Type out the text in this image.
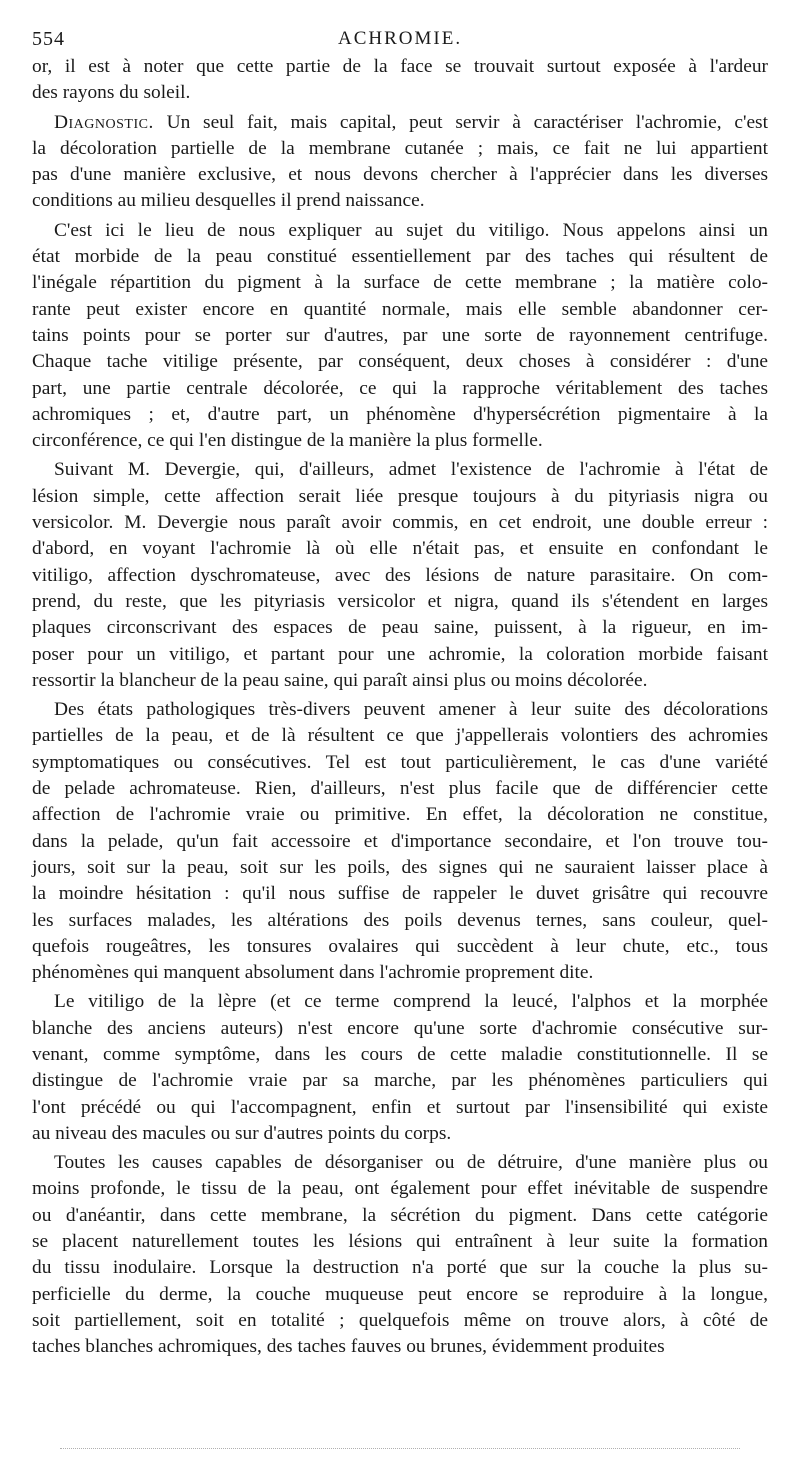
554	ACHROMIE.
or, il est à noter que cette partie de la face se trouvait surtout exposée à l'ardeur
des rayons du soleil.
Diagnostic. Un seul fait, mais capital, peut servir à caractériser l'achromie, c'est
la décoloration partielle de la membrane cutanée ; mais, ce fait ne lui appartient
pas d'une manière exclusive, et nous devons chercher à l'apprécier dans les diverses
conditions au milieu desquelles il prend naissance.
C'est ici le lieu de nous expliquer au sujet du vitiligo. Nous appelons ainsi un
état morbide de la peau constitué essentiellement par des taches qui résultent de
l'inégale répartition du pigment à la surface de cette membrane ; la matière colo-
rante peut exister encore en quantité normale, mais elle semble abandonner cer-
tains points pour se porter sur d'autres, par une sorte de rayonnement centrifuge.
Chaque tache vitilige présente, par conséquent, deux choses à considérer : d'une
part, une partie centrale décolorée, ce qui la rapproche véritablement des taches
achromiques ; et, d'autre part, un phénomène d'hypersécrétion pigmentaire à la
circonférence, ce qui l'en distingue de la manière la plus formelle.
Suivant M. Devergie, qui, d'ailleurs, admet l'existence de l'achromie à l'état de
lésion simple, cette affection serait liée presque toujours à du pityriasis nigra ou
versicolor. M. Devergie nous paraît avoir commis, en cet endroit, une double erreur :
d'abord, en voyant l'achromie là où elle n'était pas, et ensuite en confondant le
vitiligo, affection dyschromateuse, avec des lésions de nature parasitaire. On com-
prend, du reste, que les pityriasis versicolor et nigra, quand ils s'étendent en larges
plaques circonscrivant des espaces de peau saine, puissent, à la rigueur, en im-
poser pour un vitiligo, et partant pour une achromie, la coloration morbide faisant
ressortir la blancheur de la peau saine, qui paraît ainsi plus ou moins décolorée.
Des états pathologiques très-divers peuvent amener à leur suite des décolorations
partielles de la peau, et de là résultent ce que j'appellerais volontiers des achromies
symptomatiques ou consécutives. Tel est tout particulièrement, le cas d'une variété
de pelade achromateuse. Rien, d'ailleurs, n'est plus facile que de différencier cette
affection de l'achromie vraie ou primitive. En effet, la décoloration ne constitue,
dans la pelade, qu'un fait accessoire et d'importance secondaire, et l'on trouve tou-
jours, soit sur la peau, soit sur les poils, des signes qui ne sauraient laisser place à
la moindre hésitation : qu'il nous suffise de rappeler le duvet grisâtre qui recouvre
les surfaces malades, les altérations des poils devenus ternes, sans couleur, quel-
quefois rougeâtres, les tonsures ovalaires qui succèdent à leur chute, etc., tous
phénomènes qui manquent absolument dans l'achromie proprement dite.
Le vitiligo de la lèpre (et ce terme comprend la leucé, l'alphos et la morphée
blanche des anciens auteurs) n'est encore qu'une sorte d'achromie consécutive sur-
venant, comme symptôme, dans les cours de cette maladie constitutionnelle. Il se
distingue de l'achromie vraie par sa marche, par les phénomènes particuliers qui
l'ont précédé ou qui l'accompagnent, enfin et surtout par l'insensibilité qui existe
au niveau des macules ou sur d'autres points du corps.
Toutes les causes capables de désorganiser ou de détruire, d'une manière plus ou
moins profonde, le tissu de la peau, ont également pour effet inévitable de suspendre
ou d'anéantir, dans cette membrane, la sécrétion du pigment. Dans cette catégorie
se placent naturellement toutes les lésions qui entraînent à leur suite la formation
du tissu inodulaire. Lorsque la destruction n'a porté que sur la couche la plus su-
perficielle du derme, la couche muqueuse peut encore se reproduire à la longue,
soit partiellement, soit en totalité ; quelquefois même on trouve alors, à côté de
taches blanches achromiques, des taches fauves ou brunes, évidemment produites
